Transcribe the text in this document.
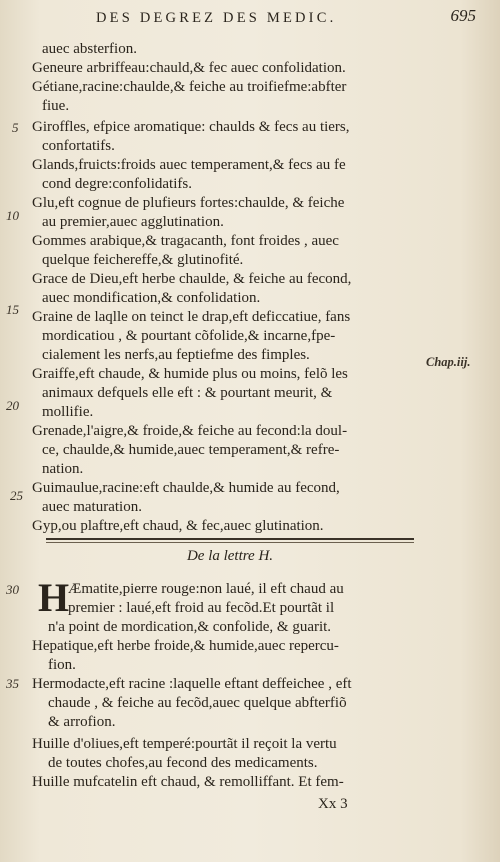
DES DEGREZ DES MEDIC.	695
auec absterfion.
Geneure arbriffeau:chauld,& fec auec confolidation.
Gétiane,racine:chaulde,& feiche au troifiefme:abfter
fiue.
Giroffles, efpice aromatique: chaulds & fecs au tiers,
confortatifs.
Glands,fruicts:froids auec temperament,& fecs au fe
cond degre:confolidatifs.
Glu,eft cognue de plufieurs fortes:chaulde, & feiche
au premier,auec agglutination.
Gommes arabique,& tragacanth, font froides , auec
quelque feichereffe,& glutinofité.
Grace de Dieu,eft herbe chaulde, & feiche au fecond,
auec mondification,& confolidation.
Graine de laqlle on teinct le drap,eft deficcatiue, fans
mordicatiou , & pourtant cõfolide,& incarne,fpe-
cialement les nerfs,au feptiefme des fimples.
Graiffe,eft chaude, & humide plus ou moins, felõ les
animaux defquels elle eft : & pourtant meurit, &
mollifie.
Grenade,l'aigre,& froide,& feiche au fecond:la doul-
ce, chaulde,& humide,auec temperament,& refre-
nation.
Guimaulue,racine:eft chaulde,& humide au fecond,
auec maturation.
Gyp,ou plaftre,eft chaud, & fec,auec glutination.
5
10
15
20
25
30
35
Chap.iij.
De la lettre H.
H
Æmatite,pierre rouge:non laué, il eft chaud au
premier : laué,eft froid au fecõd.Et pourtãt il
n'a point de mordication,& confolide, & guarit.
Hepatique,eft herbe froide,& humide,auec repercu-
fion.
Hermodacte,eft racine :laquelle eftant deffeichee , eft
chaude , & feiche au fecõd,auec quelque abfterfiõ
& arrofion.
Huille d'oliues,eft temperé:pourtãt il reçoit la vertu
de toutes chofes,au fecond des medicaments.
Huille mufcatelin eft chaud, & remolliffant. Et fem-
Xx 3
